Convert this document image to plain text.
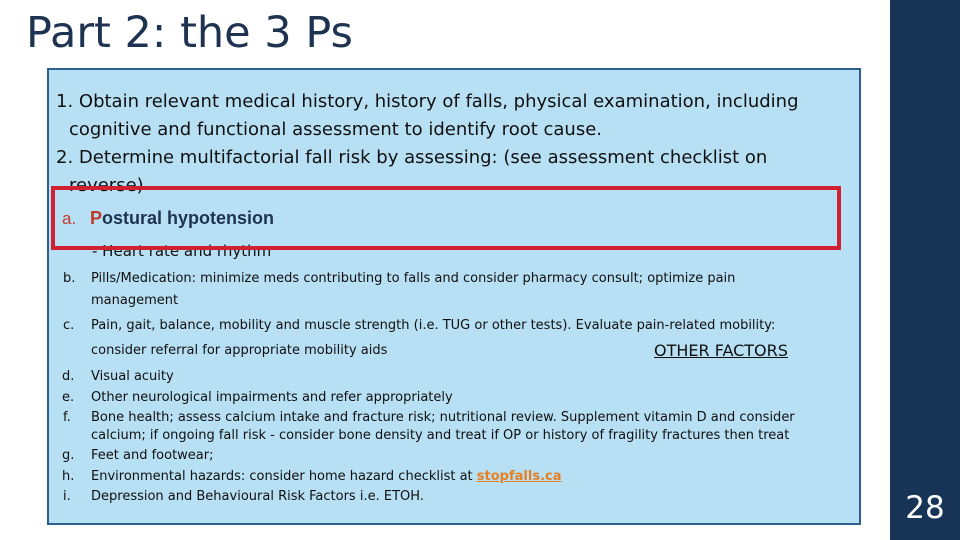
Part 2: the 3 Ps
28
1. Obtain relevant medical history, history of falls, physical examination, including
cognitive and functional assessment to identify root cause.
2. Determine multifactorial fall risk by assessing: (see assessment checklist on
reverse)
a. Postural hypotension
- Heart rate and rhythm
b. Pills/Medication: minimize meds contributing to falls and consider pharmacy consult; optimize pain
management
c. Pain, gait, balance, mobility and muscle strength (i.e. TUG or other tests). Evaluate pain-related mobility:
consider referral for appropriate mobility aids	OTHER FACTORS
d. Visual acuity
e. Other neurological impairments and refer appropriately
f. Bone health; assess calcium intake and fracture risk; nutritional review. Supplement vitamin D and consider
calcium; if ongoing fall risk - consider bone density and treat if OP or history of fragility fractures then treat
g. Feet and footwear;
h. Environmental hazards: consider home hazard checklist at stopfalls.ca
i. Depression and Behavioural Risk Factors i.e. ETOH.
